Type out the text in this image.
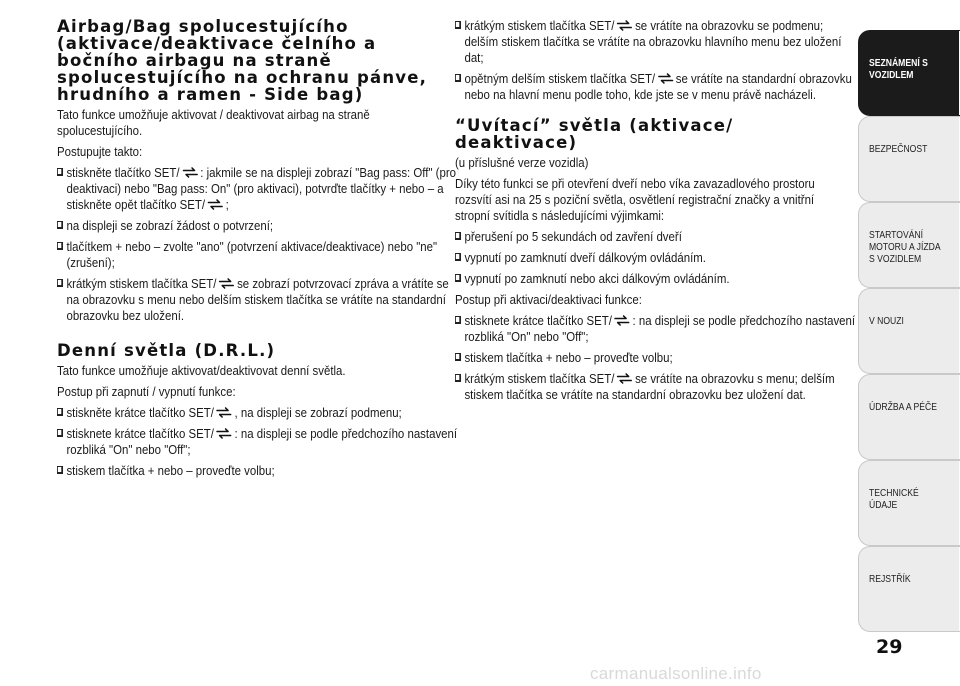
Airbag/Bag spolucestujícího
(aktivace/deaktivace čelního a
bočního airbagu na straně
spolucestujícího na ochranu pánve,
hrudního a ramen - Side bag)
Tato funkce umožňuje aktivovat / deaktivovat airbag na straně spolucestujícího.
Postupujte takto:
stiskněte tlačítko SET/ : jakmile se na displeji zobrazí "Bag pass: Off" (pro deaktivaci) nebo "Bag pass: On" (pro aktivaci), potvrďte tlačítky + nebo – a stiskněte opět tlačítko SET/ ;
na displeji se zobrazí žádost o potvrzení;
tlačítkem + nebo – zvolte "ano" (potvrzení aktivace/deaktivace) nebo "ne" (zrušení);
krátkým stiskem tlačítka SET/ se zobrazí potvrzovací zpráva a vrátíte se na obrazovku s menu nebo delším stiskem tlačítka se vrátíte na standardní obrazovku bez uložení.
Denní světla (D.R.L.)
Tato funkce umožňuje aktivovat/deaktivovat denní světla.
Postup při zapnutí / vypnutí funkce:
stiskněte krátce tlačítko SET/ , na displeji se zobrazí podmenu;
stisknete krátce tlačítko SET/ : na displeji se podle předchozího nastavení rozbliká "On" nebo "Off";
stiskem tlačítka + nebo – proveďte volbu;
krátkým stiskem tlačítka SET/ se vrátíte na obrazovku se podmenu; delším stiskem tlačítka se vrátíte na obrazovku hlavního menu bez uložení dat;
opětným delším stiskem tlačítka SET/ se vrátíte na standardní obrazovku nebo na hlavní menu podle toho, kde jste se v menu právě nacházeli.
“Uvítací” světla (aktivace/
deaktivace)
(u příslušné verze vozidla)
Díky této funkci se při otevření dveří nebo víka zavazadlového prostoru rozsvítí asi na 25 s poziční světla, osvětlení registrační značky a vnitřní stropní svítidla s následujícími výjimkami:
přerušení po 5 sekundách od zavření dveří
vypnutí po zamknutí dveří dálkovým ovládáním.
vypnutí po zamknutí nebo akci dálkovým ovládáním.
Postup při aktivaci/deaktivaci funkce:
stisknete krátce tlačítko SET/ : na displeji se podle předchozího nastavení rozbliká "On" nebo "Off";
stiskem tlačítka + nebo – proveďte volbu;
krátkým stiskem tlačítka SET/ se vrátíte na obrazovku s menu; delším stiskem tlačítka se vrátíte na standardní obrazovku bez uložení dat.
SEZNÁMENÍ S VOZIDLEM
BEZPEČNOST
STARTOVÁNÍ MOTORU A JÍZDA S VOZIDLEM
V NOUZI
ÚDRŽBA A PÉČE
TECHNICKÉ ÚDAJE
REJSTŘÍK
29
carmanualsonline.info
